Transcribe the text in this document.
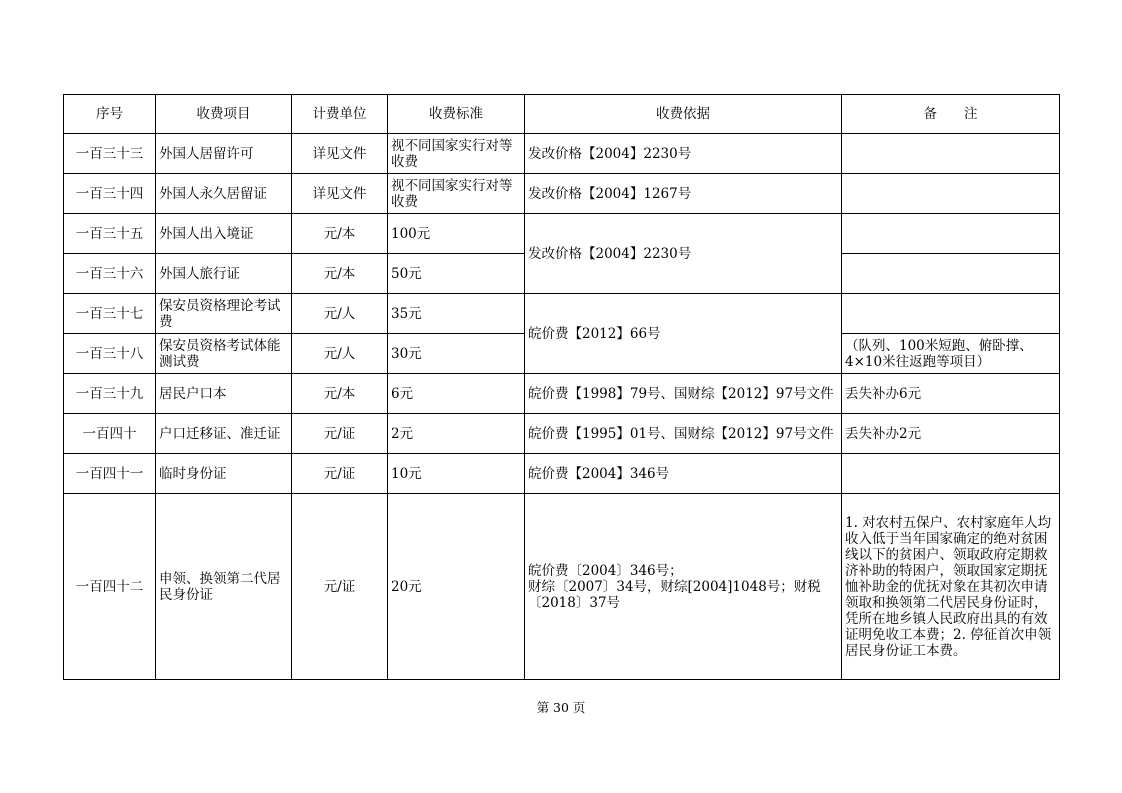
序号	收费项目	计费单位	收费标准	收费依据	备　　注
一百三十三	外国人居留许可	详见文件	视不同国家实行对等收费	发改价格【2004】2230号	
一百三十四	外国人永久居留证	详见文件	视不同国家实行对等收费	发改价格【2004】1267号	
一百三十五	外国人出入境证	元/本	100元	发改价格【2004】2230号	
一百三十六	外国人旅行证	元/本	50元		
一百三十七	保安员资格理论考试费	元/人	35元	皖价费【2012】66号	
一百三十八	保安员资格考试体能测试费	元/人	30元		（队列、100米短跑、俯卧撑、4×10米往返跑等项目）
一百三十九	居民户口本	元/本	6元	皖价费【1998】79号、国财综【2012】97号文件	丢失补办6元
一百四十	户口迁移证、准迁证	元/证	2元	皖价费【1995】01号、国财综【2012】97号文件	丢失补办2元
一百四十一	临时身份证	元/证	10元	皖价费【2004】346号	
一百四十二	申领、换领第二代居民身份证	元/证	20元	皖价费〔2004〕346号；
财综〔2007〕34号，财综[2004]1048号；财税〔2018〕37号	1. 对农村五保户、农村家庭年人均收入低于当年国家确定的绝对贫困线以下的贫困户、领取政府定期救济补助的特困户，领取国家定期抚恤补助金的优抚对象在其初次申请领取和换领第二代居民身份证时，凭所在地乡镇人民政府出具的有效证明免收工本费；2. 停征首次申领居民身份证工本费。
第 30 页
